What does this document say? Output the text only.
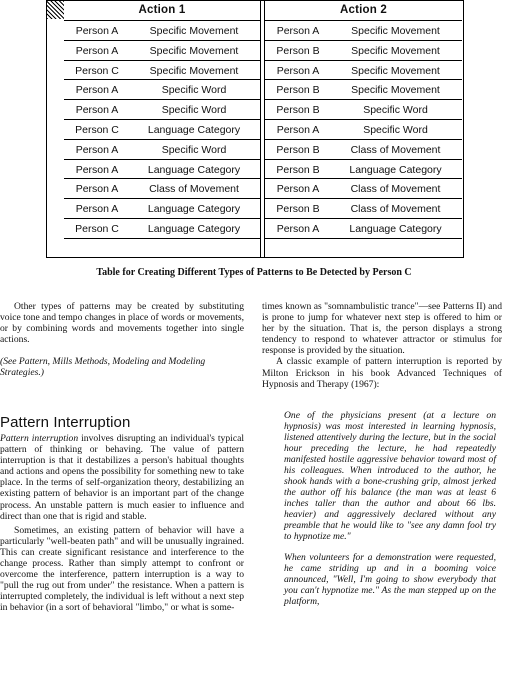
Action 1
Person A	Specific Movement
Person A	Specific Movement
Person C	Specific Movement
Person A	Specific Word
Person A	Specific Word
Person C	Language Category
Person A	Specific Word
Person A	Language Category
Person A	Class of Movement
Person A	Language Category
Person C	Language Category
Action 2
Person A	Specific Movement
Person B	Specific Movement
Person A	Specific Movement
Person B	Specific Movement
Person B	Specific Word
Person A	Specific Word
Person B	Class of Movement
Person B	Language Category
Person A	Class of Movement
Person B	Class of Movement
Person A	Language Category
Table for Creating Different Types of Patterns to Be Detected by Person C

Other types of patterns may be created by substituting voice tone and tempo changes in place of words or movements, or by combining words and movements together into single actions.

(See Pattern, Mills Methods, Modeling and Modeling Strategies.)

Pattern Interruption

Pattern interruption involves disrupting an individual's typical pattern of thinking or behaving. The value of pattern interruption is that it destabilizes a person's habitual thoughts and actions and opens the possibility for something new to take place. In the terms of self-organization theory, destabilizing an existing pattern of behavior is an important part of the change process. An unstable pattern is much easier to influence and direct than one that is rigid and stable.

Sometimes, an existing pattern of behavior will have a particularly "well-beaten path" and will be unusually ingrained. This can create significant resistance and interference to the change process. Rather than simply attempt to confront or overcome the interference, pattern interruption is a way to "pull the rug out from under" the resistance. When a pattern is interrupted completely, the individual is left without a next step in behavior (in a sort of behavioral "limbo," or what is some-

times known as "somnambulistic trance"—see Patterns II) and is prone to jump for whatever next step is offered to him or her by the situation. That is, the person displays a strong tendency to respond to whatever attractor or stimulus for response is provided by the situation.

A classic example of pattern interruption is reported by Milton Erickson in his book Advanced Techniques of Hypnosis and Therapy (1967):

One of the physicians present (at a lecture on hypnosis) was most interested in learning hypnosis, listened attentively during the lecture, but in the social hour preceding the lecture, he had repeatedly manifested hostile aggressive behavior toward most of his colleagues. When introduced to the author, he shook hands with a bone-crushing grip, almost jerked the author off his balance (the man was at least 6 inches taller than the author and about 66 lbs. heavier) and aggressively declared without any preamble that he would like to "see any damn fool try to hypnotize me."

When volunteers for a demonstration were requested, he came striding up and in a booming voice announced, "Well, I'm going to show everybody that you can't hypnotize me." As the man stepped up on the platform,
